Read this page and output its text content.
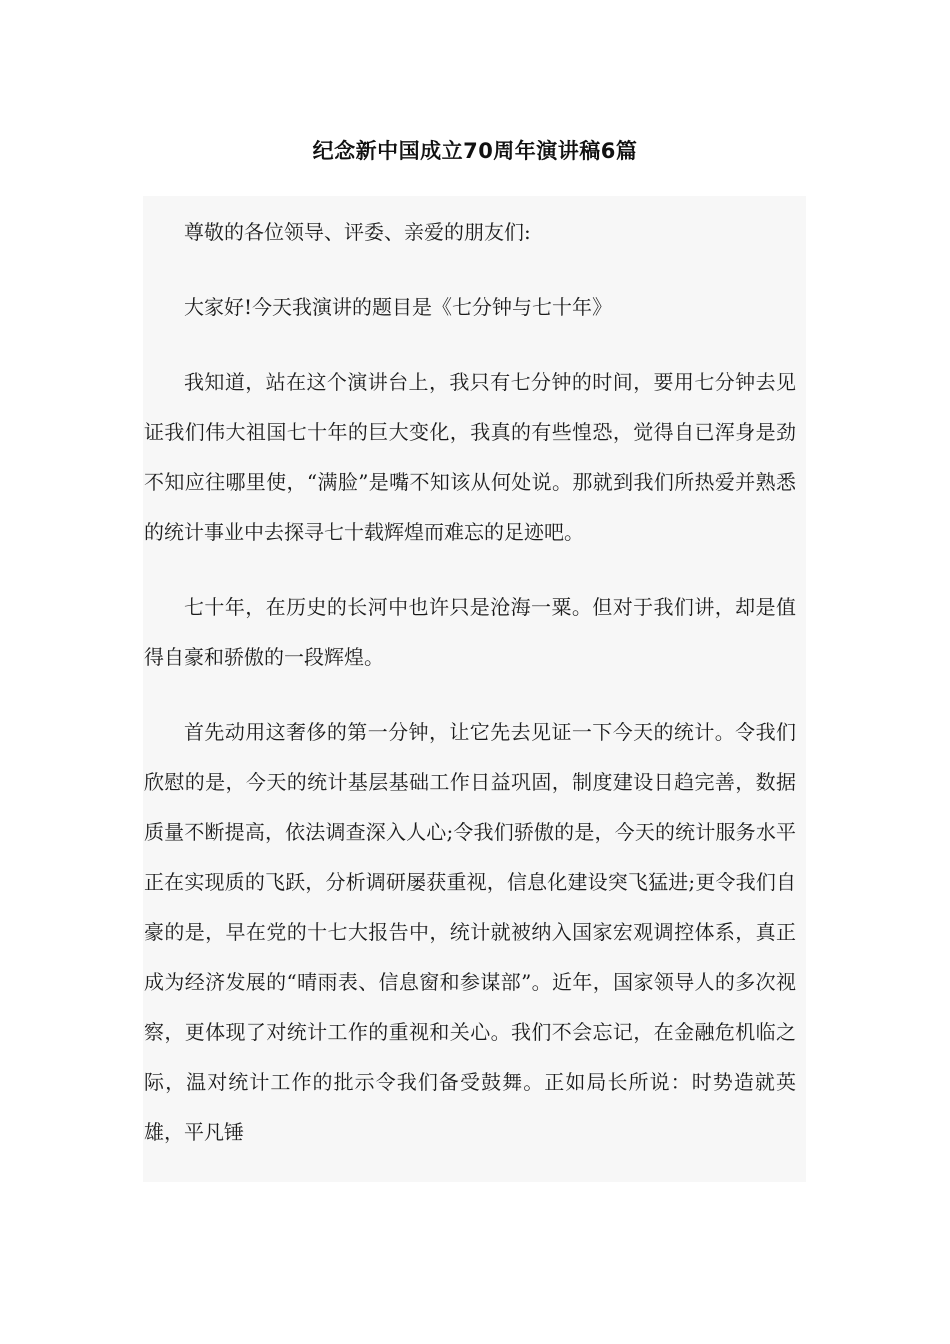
纪念新中国成立70周年演讲稿6篇

尊敬的各位领导、评委、亲爱的朋友们:

大家好!今天我演讲的题目是《七分钟与七十年》

我知道，站在这个演讲台上，我只有七分钟的时间，要用七分钟去见证我们伟大祖国七十年的巨大变化，我真的有些惶恐，觉得自已浑身是劲不知应往哪里使，“满脸”是嘴不知该从何处说。那就到我们所热爱并熟悉的统计事业中去探寻七十载辉煌而难忘的足迹吧。

七十年，在历史的长河中也许只是沧海一粟。但对于我们讲，却是值得自豪和骄傲的一段辉煌。

首先动用这奢侈的第一分钟，让它先去见证一下今天的统计。令我们欣慰的是，今天的统计基层基础工作日益巩固，制度建设日趋完善，数据质量不断提高，依法调查深入人心;令我们骄傲的是，今天的统计服务水平正在实现质的飞跃，分析调研屡获重视，信息化建设突飞猛进;更令我们自豪的是，早在党的十七大报告中，统计就被纳入国家宏观调控体系，真正成为经济发展的“晴雨表、信息窗和参谋部”。近年，国家领导人的多次视察，更体现了对统计工作的重视和关心。我们不会忘记，在金融危机临之际，温对统计工作的批示令我们备受鼓舞。正如局长所说：时势造就英雄，平凡锤
